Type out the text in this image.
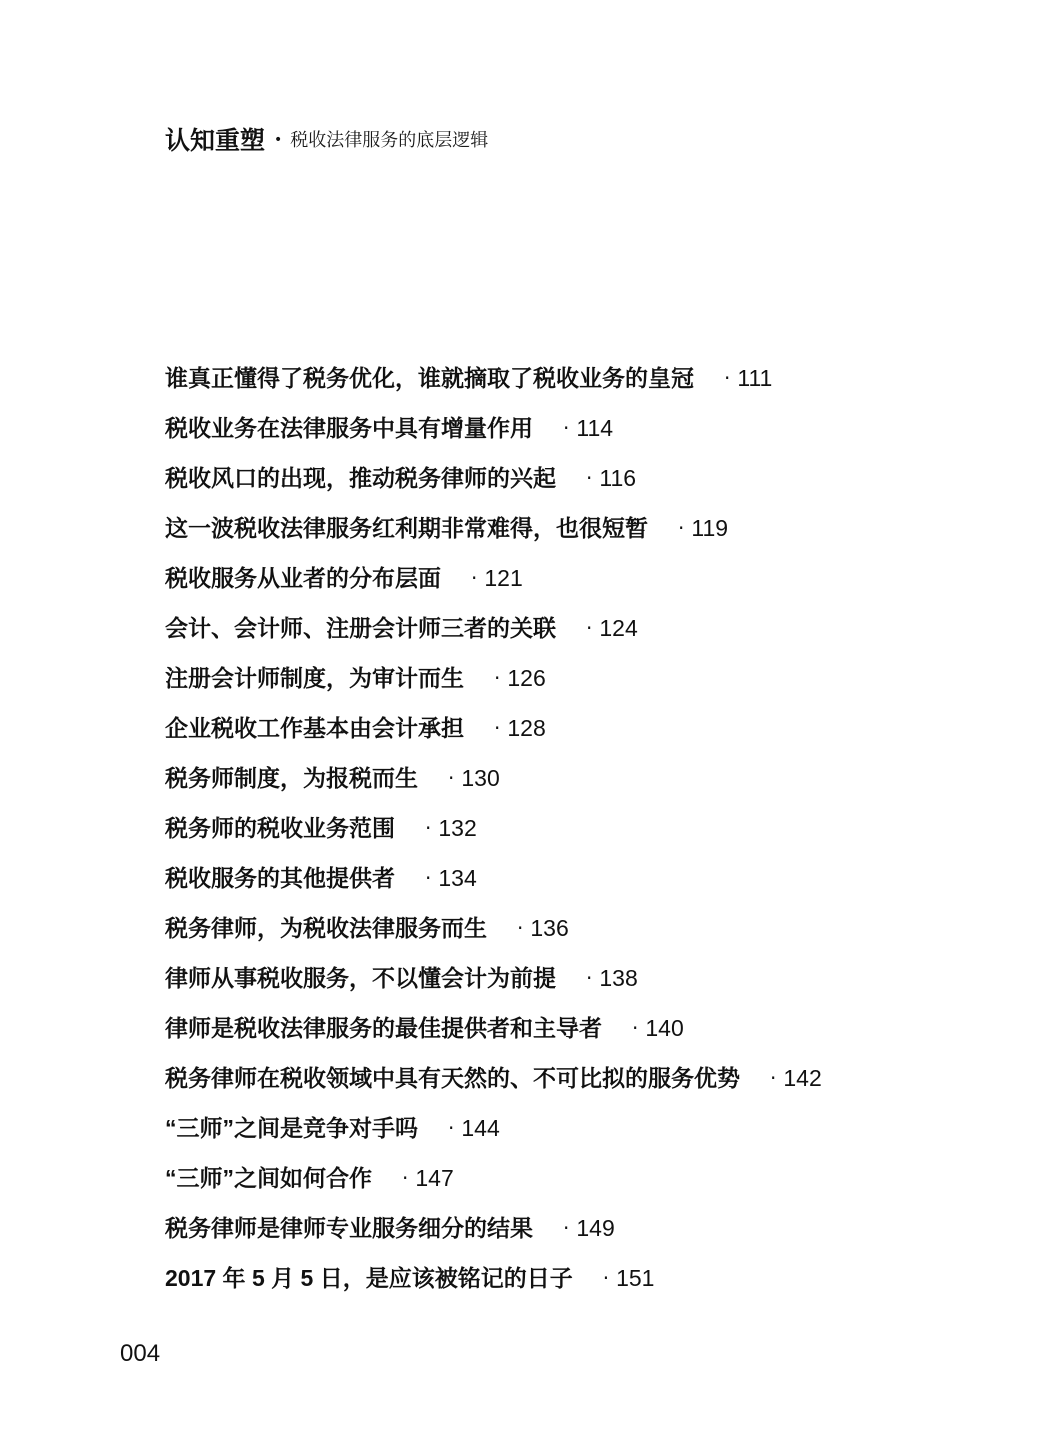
认知重塑 • 税收法律服务的底层逻辑
谁真正懂得了税务优化，谁就摘取了税收业务的皇冠 · 111
税收业务在法律服务中具有增量作用 · 114
税收风口的出现，推动税务律师的兴起 · 116
这一波税收法律服务红利期非常难得，也很短暂 · 119
税收服务从业者的分布层面 · 121
会计、会计师、注册会计师三者的关联 · 124
注册会计师制度，为审计而生 · 126
企业税收工作基本由会计承担 · 128
税务师制度，为报税而生 · 130
税务师的税收业务范围 · 132
税收服务的其他提供者 · 134
税务律师，为税收法律服务而生 · 136
律师从事税收服务，不以懂会计为前提 · 138
律师是税收法律服务的最佳提供者和主导者 · 140
税务律师在税收领域中具有天然的、不可比拟的服务优势 · 142
“三师”之间是竞争对手吗 · 144
“三师”之间如何合作 · 147
税务律师是律师专业服务细分的结果 · 149
2017 年 5 月 5 日，是应该被铭记的日子 · 151
004
